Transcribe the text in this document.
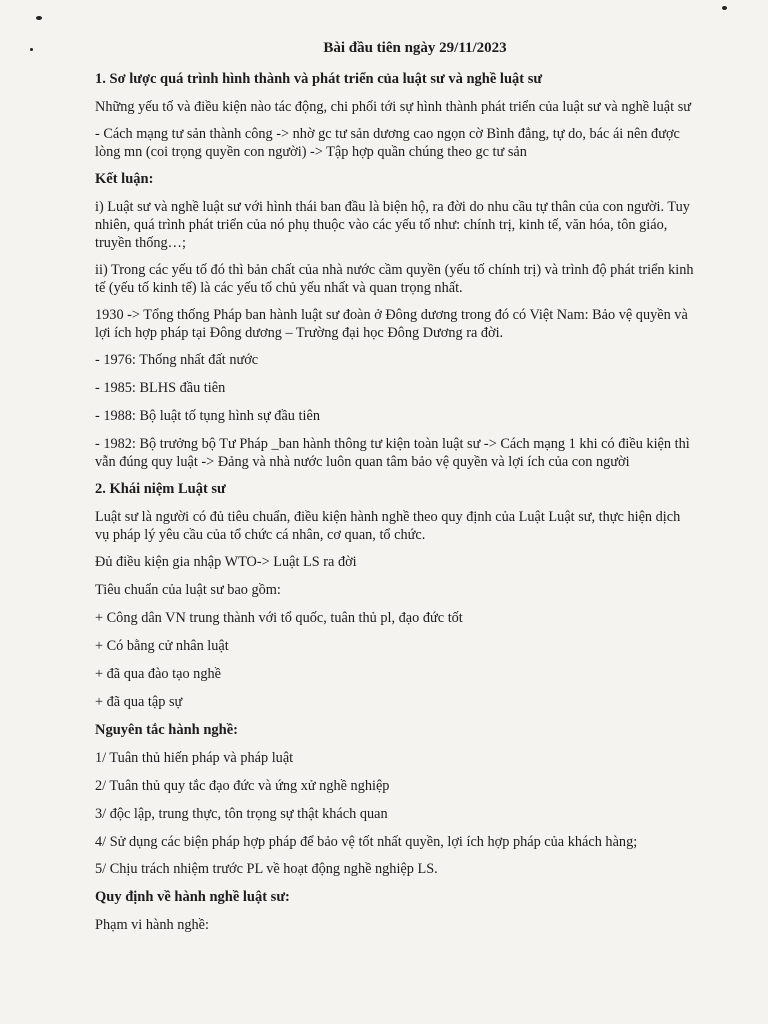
Bài đầu tiên ngày 29/11/2023
1. Sơ lược quá trình hình thành và phát triển của luật sư và nghề luật sư

Những yếu tố và điều kiện nào tác động, chi phối tới sự hình thành phát triển của luật sư và nghề luật sư

- Cách mạng tư sản thành công -> nhờ gc tư sản dương cao ngọn cờ Bình đẳng, tự do, bác ái nên được lòng mn (coi trọng quyền con người) -> Tập hợp quần chúng theo gc tư sản

Kết luận:

i) Luật sư và nghề luật sư với hình thái ban đầu là biện hộ, ra đời do nhu cầu tự thân của con người. Tuy nhiên, quá trình phát triển của nó phụ thuộc vào các yếu tố như: chính trị, kinh tế, văn hóa, tôn giáo, truyền thống…;

ii) Trong các yếu tố đó thì bản chất của nhà nước cầm quyền (yếu tố chính trị) và trình độ phát triển kinh tế (yếu tố kinh tế) là các yếu tố chủ yếu nhất và quan trọng nhất.

1930 -> Tổng thống Pháp ban hành luật sư đoàn ở Đông dương trong đó có Việt Nam: Bảo vệ quyền và lợi ích hợp pháp tại Đông dương – Trường đại học Đông Dương ra đời.

- 1976: Thống nhất đất nước

- 1985: BLHS đầu tiên

- 1988: Bộ luật tố tụng hình sự đầu tiên

- 1982: Bộ trưởng bộ Tư Pháp _ban hành thông tư kiện toàn luật sư -> Cách mạng 1 khi có điều kiện thì vẫn đúng quy luật -> Đảng và nhà nước luôn quan tâm bảo vệ quyền và lợi ích của con người

2. Khái niệm Luật sư

Luật sư là người có đủ tiêu chuẩn, điều kiện hành nghề theo quy định của Luật Luật sư, thực hiện dịch vụ pháp lý yêu cầu của tổ chức cá nhân, cơ quan, tổ chức.

Đủ điều kiện gia nhập WTO-> Luật LS ra đời

Tiêu chuẩn của luật sư bao gồm:

+ Công dân VN trung thành với tổ quốc, tuân thủ pl, đạo đức tốt

+ Có bằng cử nhân luật

+ đã qua đào tạo nghề

+ đã qua tập sự

Nguyên tắc hành nghề:

1/ Tuân thủ hiến pháp và pháp luật

2/ Tuân thủ quy tắc đạo đức và ứng xử nghề nghiệp

3/ độc lập, trung thực, tôn trọng sự thật khách quan

4/ Sử dụng các biện pháp hợp pháp để bảo vệ tốt nhất quyền, lợi ích hợp pháp của khách hàng;

5/ Chịu trách nhiệm trước PL về hoạt động nghề nghiệp LS.

Quy định về hành nghề luật sư:

Phạm vi hành nghề:
